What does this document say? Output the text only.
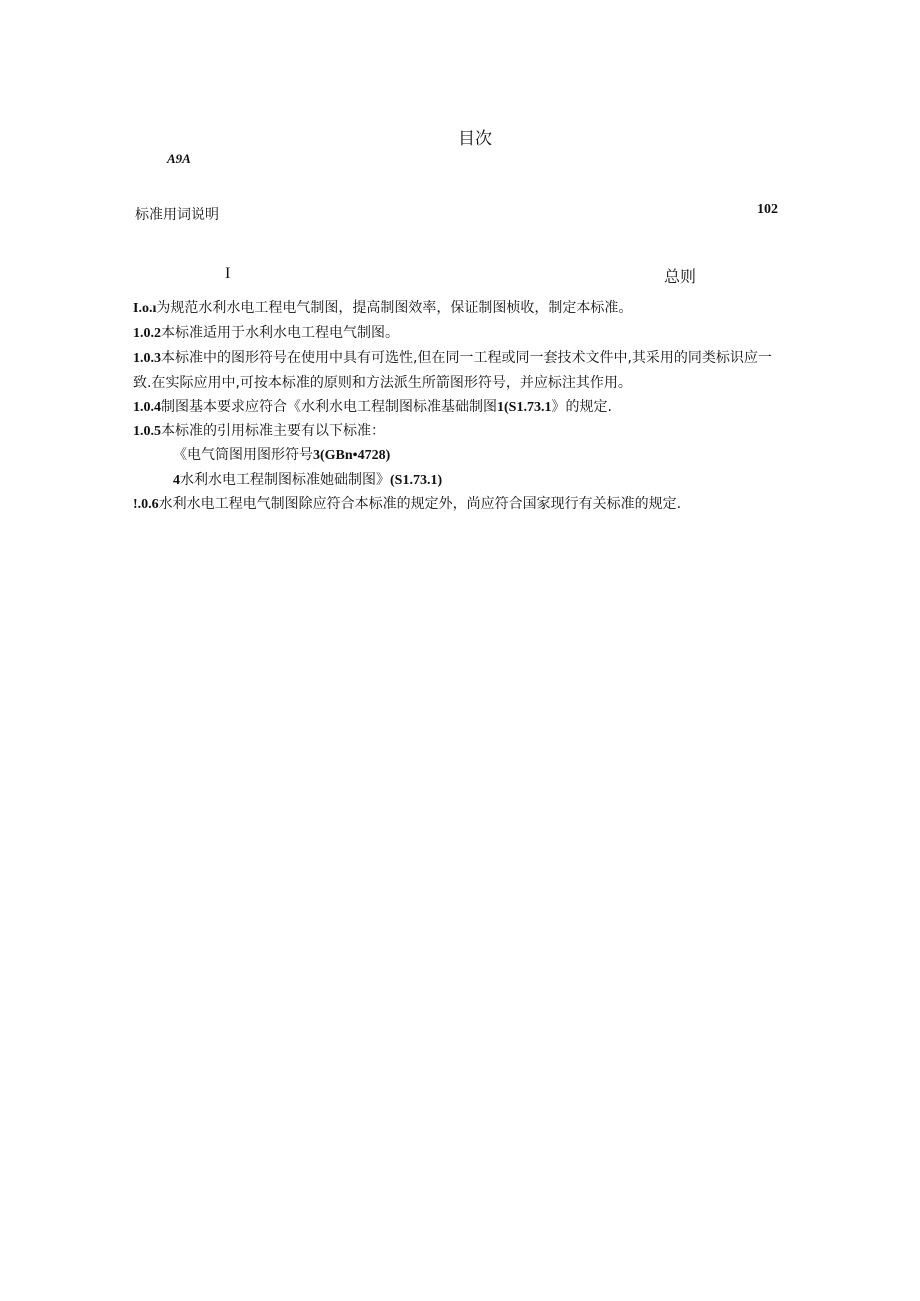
目次
A9A
标准用词说明	102
I	总则
I.o.ı为规范水利水电工程电气制图，提高制图效率，保证制图桢收，制定本标准。
1.0.2本标准适用于水利水电工程电气制图。
1.0.3本标准中的图形符号在使用中具有可选性,但在同一工程或同一套技术文件中,其采用的同类标识应一致.在实际应用中,可按本标准的原则和方法派生所箭图形符号，并应标注其作用。
1.0.4制图基本要求应符合《水利水电工程制图标准基础制图1(S1.73.1》的规定.
1.0.5本标准的引用标准主要有以下标准：
《电气筒图用图形符号3(GBn•4728)
4水利水电工程制图标准她础制图》(S1.73.1)
!.0.6水利水电工程电气制图除应符合本标准的规定外，尚应符合国家现行有关标准的规定.
